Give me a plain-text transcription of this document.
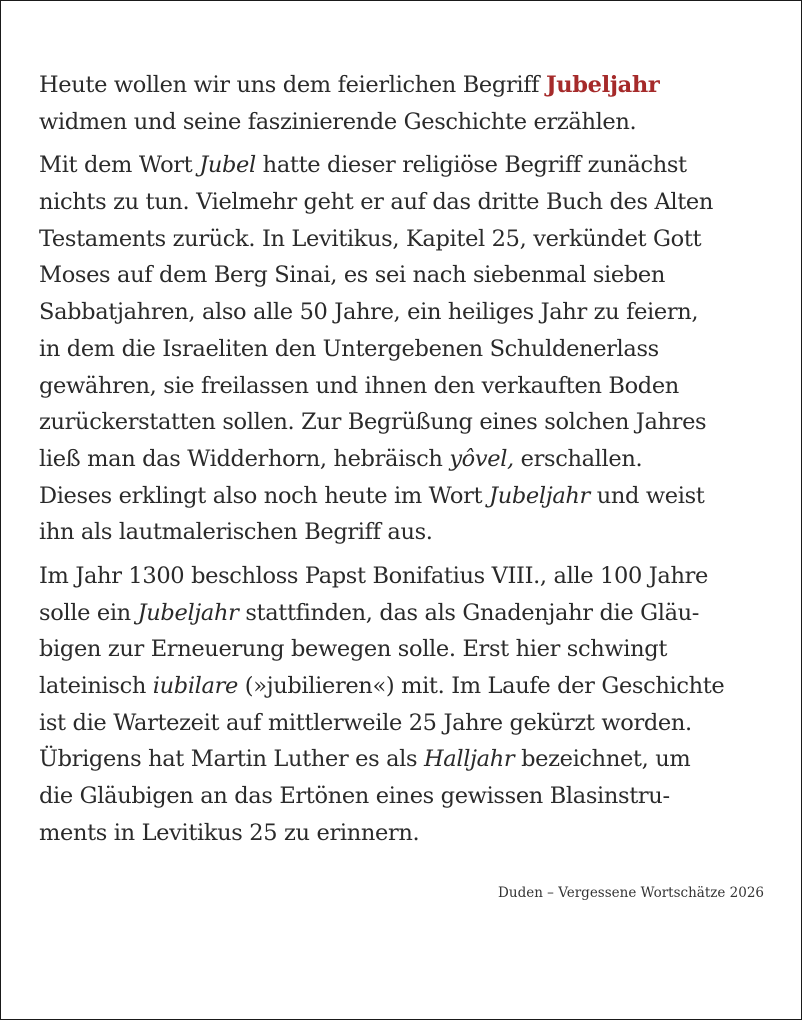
Heute wollen wir uns dem feierlichen Begriff Jubeljahr
widmen und seine faszinierende Geschichte erzählen.
Mit dem Wort Jubel hatte dieser religiöse Begriff zunächst
nichts zu tun. Vielmehr geht er auf das dritte Buch des Alten
Testaments zurück. In Levitikus, Kapitel 25, verkündet Gott
Moses auf dem Berg Sinai, es sei nach siebenmal sieben
Sabbatjahren, also alle 50 Jahre, ein heiliges Jahr zu feiern,
in dem die Israeliten den Untergebenen Schuldenerlass
gewähren, sie freilassen und ihnen den verkauften Boden
zurückerstatten sollen. Zur Begrüßung eines solchen Jahres
ließ man das Widderhorn, hebräisch yôvel, erschallen.
Dieses erklingt also noch heute im Wort Jubeljahr und weist
ihn als lautmalerischen Begriff aus.
Im Jahr 1300 beschloss Papst Bonifatius VIII., alle 100 Jahre
solle ein Jubeljahr stattfinden, das als Gnadenjahr die Gläu-
bigen zur Erneuerung bewegen solle. Erst hier schwingt
lateinisch iubilare (»jubilieren«) mit. Im Laufe der Geschichte
ist die Wartezeit auf mittlerweile 25 Jahre gekürzt worden.
Übrigens hat Martin Luther es als Halljahr bezeichnet, um
die Gläubigen an das Ertönen eines gewissen Blasinstru-
ments in Levitikus 25 zu erinnern.
Duden – Vergessene Wortschätze 2026
